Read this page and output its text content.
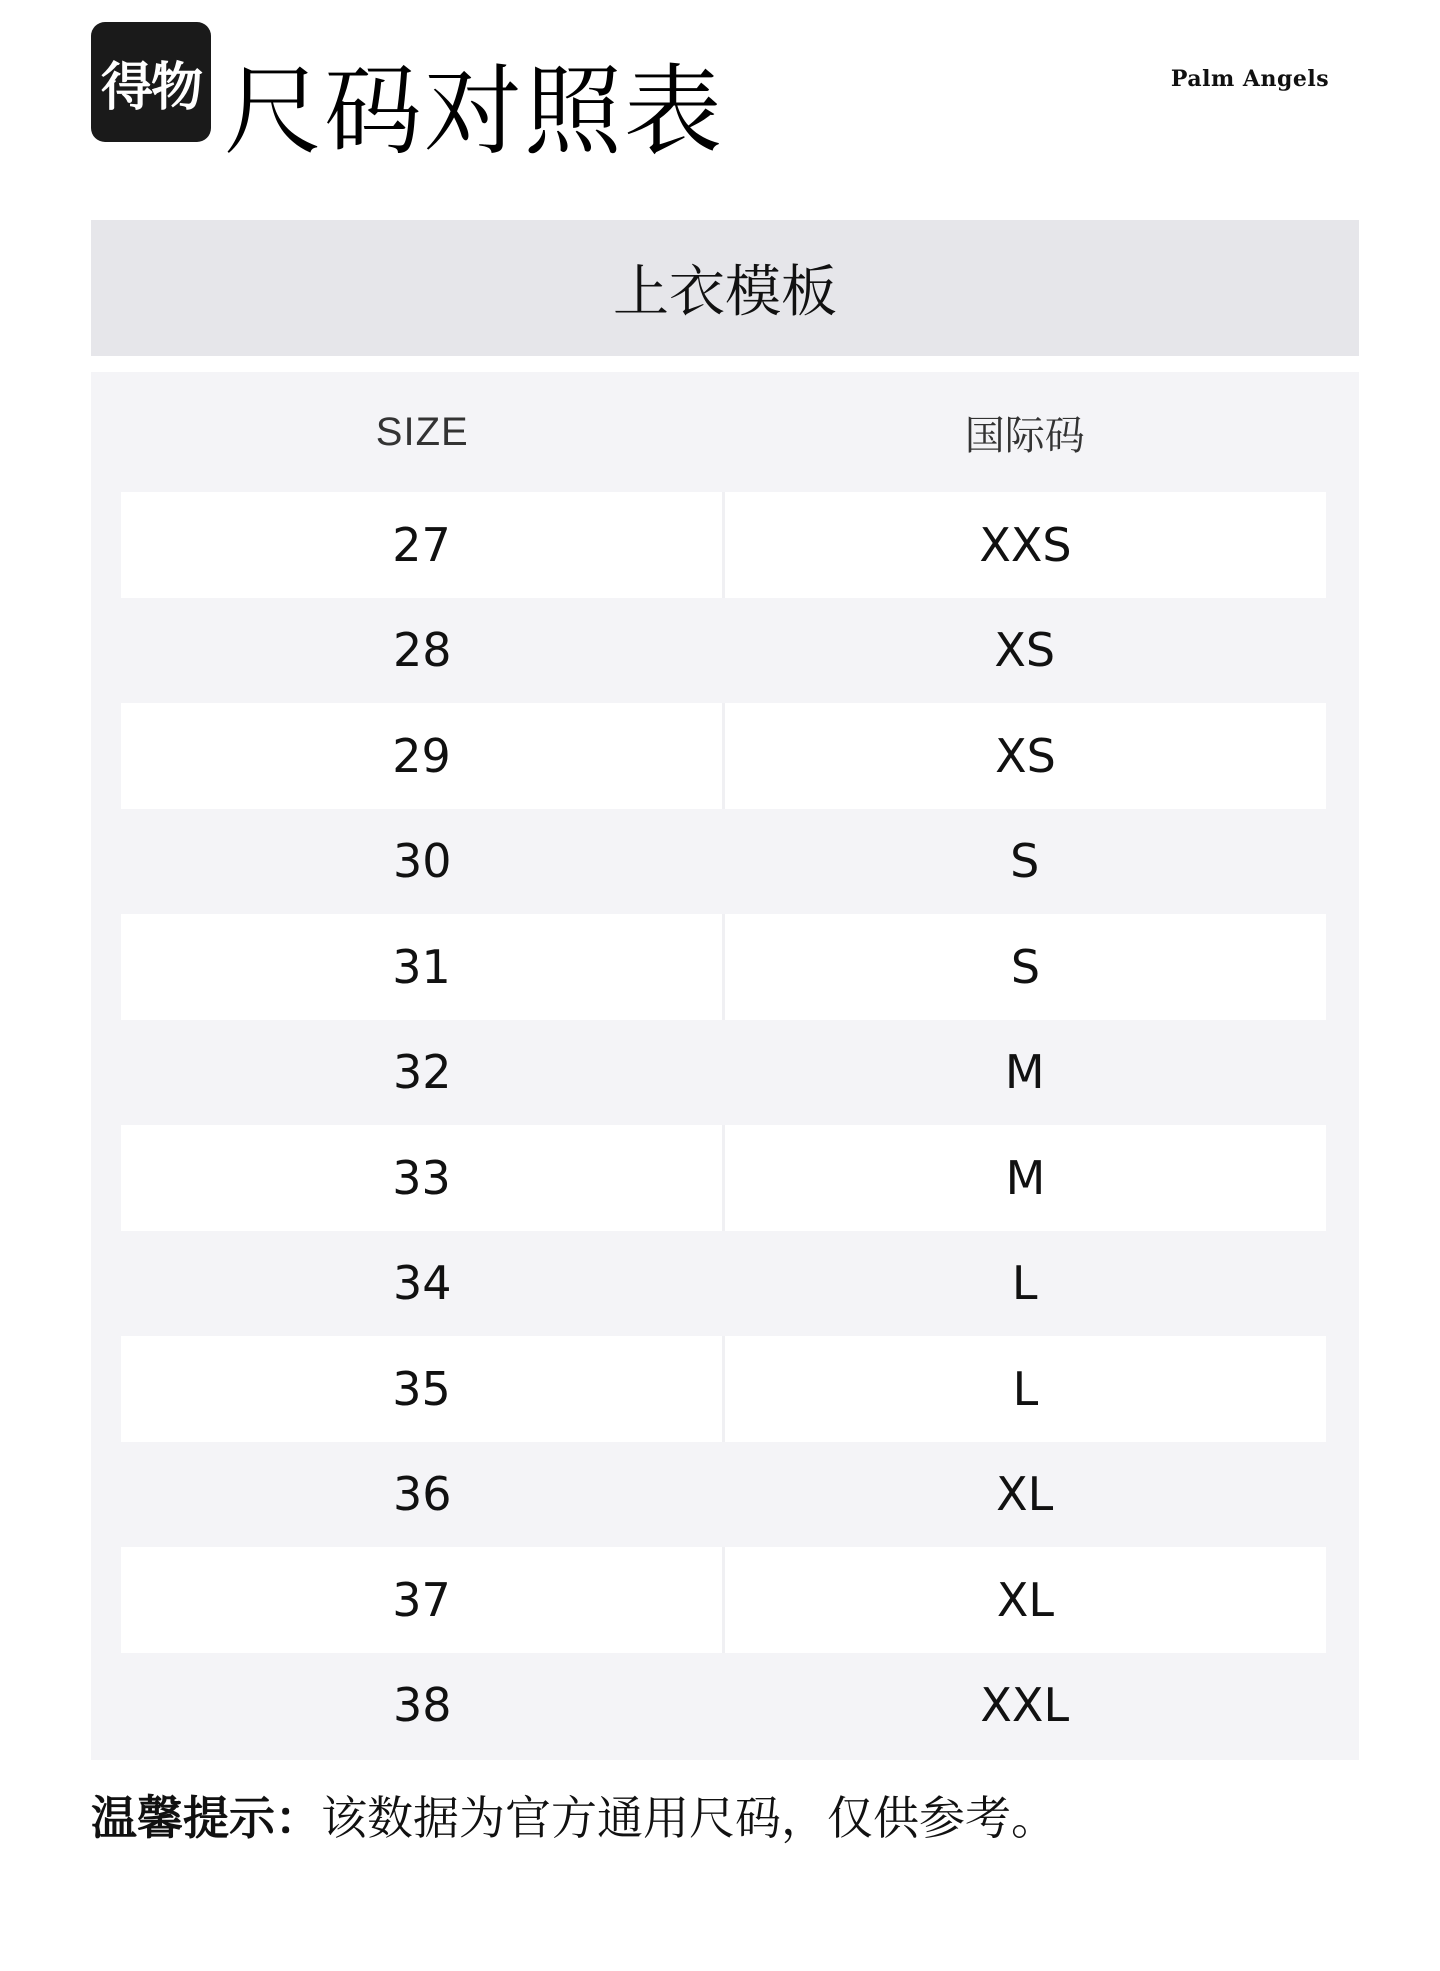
得物 尺码对照表	Palm Angels
上衣模板
SIZE	国际码
27	XXS
28	XS
29	XS
30	S
31	S
32	M
33	M
34	L
35	L
36	XL
37	XL
38	XXL
温馨提示：该数据为官方通用尺码，仅供参考。
